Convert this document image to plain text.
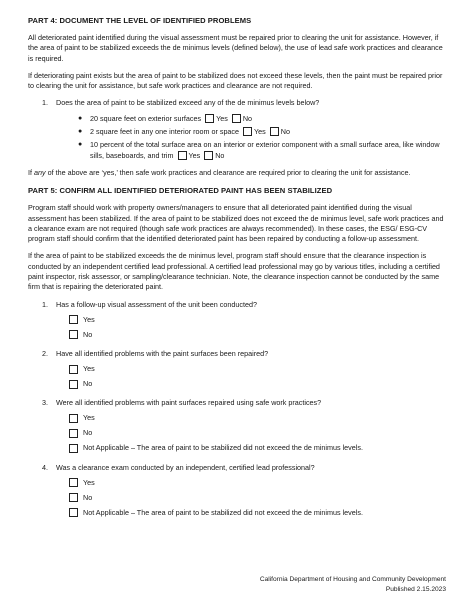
PART 4: DOCUMENT THE LEVEL OF IDENTIFIED PROBLEMS

All deteriorated paint identified during the visual assessment must be repaired prior to clearing the unit for assistance. However, if the area of paint to be stabilized exceeds the de minimus levels (defined below), the use of lead safe work practices and clearance is required.

If deteriorating paint exists but the area of paint to be stabilized does not exceed these levels, then the paint must be repaired prior to clearing the unit for assistance, but safe work practices and clearance are not required.

1.	Does the area of paint to be stabilized exceed any of the de minimus levels below?
●	20 square feet on exterior surfaces Yes No
●	2 square feet in any one interior room or space Yes No
●	10 percent of the total surface area on an interior or exterior component with a small surface area, like window sills, baseboards, and trim Yes No

If any of the above are ‘yes,’ then safe work practices and clearance are required prior to clearing the unit for assistance.

PART 5: CONFIRM ALL IDENTIFIED DETERIORATED PAINT HAS BEEN STABILIZED

Program staff should work with property owners/managers to ensure that all deteriorated paint identified during the visual assessment has been stabilized. If the area of paint to be stabilized does not exceed the de minimus level, safe work practices and a clearance exam are not required (though safe work practices are always recommended). In these cases, the ESG/ ESG-CV program staff should confirm that the identified deteriorated paint has been repaired by conducting a follow-up assessment.

If the area of paint to be stabilized exceeds the de minimus level, program staff should ensure that the clearance inspection is conducted by an independent certified lead professional. A certified lead professional may go by various titles, including a certified paint inspector, risk assessor, or sampling/clearance technician. Note, the clearance inspection cannot be conducted by the same firm that is repairing the deteriorated paint.

1.	Has a follow-up visual assessment of the unit been conducted?
Yes
No
2.	Have all identified problems with the paint surfaces been repaired?
Yes
No
3.	Were all identified problems with paint surfaces repaired using safe work practices?
Yes
No
Not Applicable – The area of paint to be stabilized did not exceed the de minimus levels.
4.	Was a clearance exam conducted by an independent, certified lead professional?
Yes
No
Not Applicable – The area of paint to be stabilized did not exceed the de minimus levels.
California Department of Housing and Community Development
Published 2.15.2023
